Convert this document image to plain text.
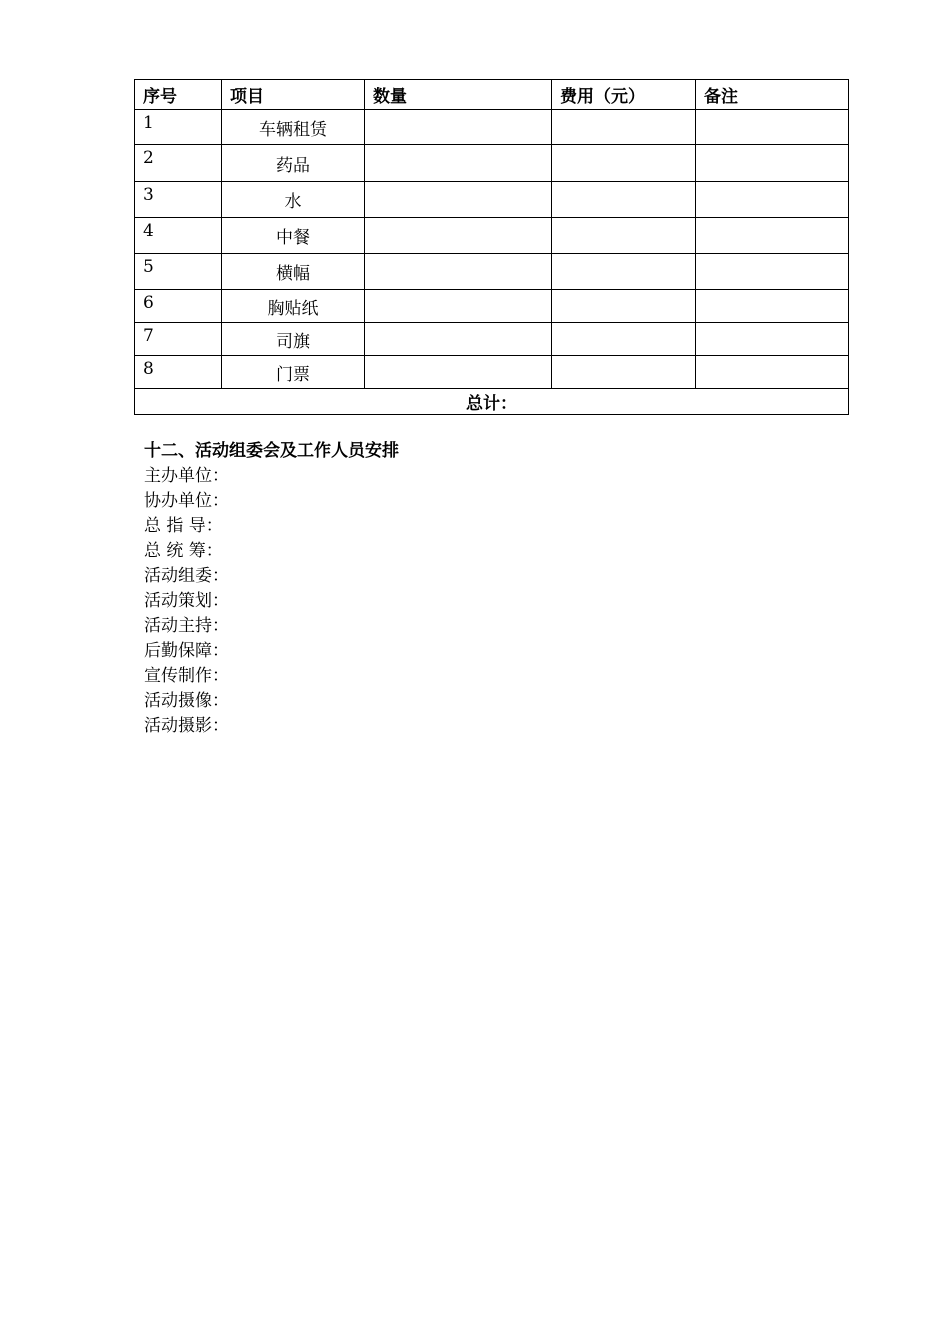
序号	项目	数量	费用（元）	备注
1	车辆租赁			
2	药品			
3	水			
4	中餐			
5	横幅			
6	胸贴纸			
7	司旗			
8	门票			
总计：				
十二、活动组委会及工作人员安排
主办单位：
协办单位：
总 指 导：
总 统 筹：
活动组委：
活动策划：
活动主持：
后勤保障：
宣传制作：
活动摄像：
活动摄影：
